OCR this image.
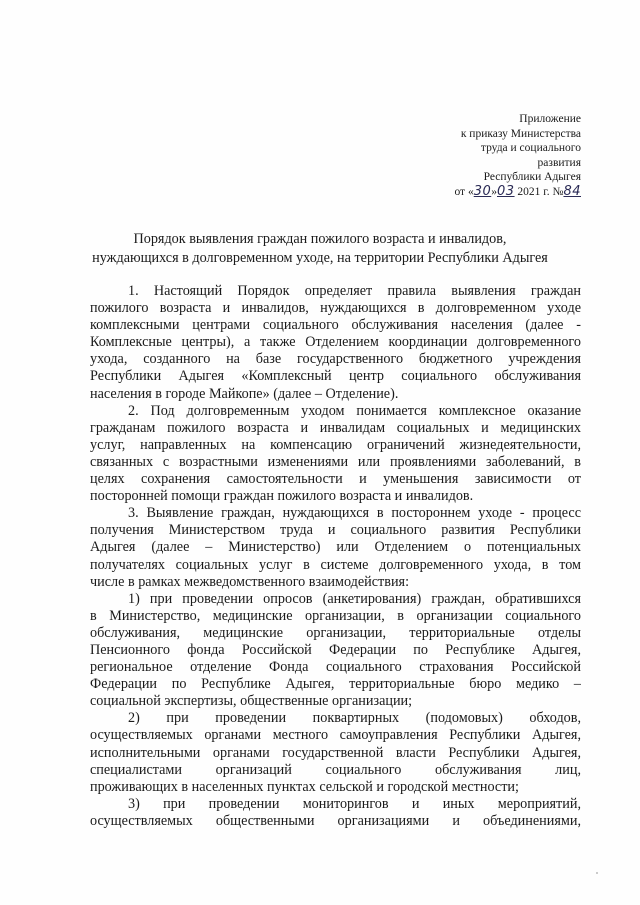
Приложение
к приказу Министерства
труда и социального
развития
Республики Адыгея
от «30»03 2021 г. №84
Порядок выявления граждан пожилого возраста и инвалидов,
нуждающихся в долговременном уходе, на территории Республики Адыгея
1. Настоящий Порядок определяет правила выявления граждан
пожилого возраста и инвалидов, нуждающихся в долговременном уходе
комплексными центрами социального обслуживания населения (далее -
Комплексные центры), а также Отделением координации долговременного
ухода, созданного на базе государственного бюджетного учреждения
Республики Адыгея «Комплексный центр социального обслуживания
населения в городе Майкопе» (далее – Отделение).
2. Под долговременным уходом понимается комплексное оказание
гражданам пожилого возраста и инвалидам социальных и медицинских
услуг, направленных на компенсацию ограничений жизнедеятельности,
связанных с возрастными изменениями или проявлениями заболеваний, в
целях сохранения самостоятельности и уменьшения зависимости от
посторонней помощи граждан пожилого возраста и инвалидов.
3. Выявление граждан, нуждающихся в постороннем уходе - процесс
получения Министерством труда и социального развития Республики
Адыгея (далее – Министерство) или Отделением о потенциальных
получателях социальных услуг в системе долговременного ухода, в том
числе в рамках межведомственного взаимодействия:
1) при проведении опросов (анкетирования) граждан, обратившихся
в Министерство, медицинские организации, в организации социального
обслуживания, медицинские организации, территориальные отделы
Пенсионного фонда Российской Федерации по Республике Адыгея,
региональное отделение Фонда социального страхования Российской
Федерации по Республике Адыгея, территориальные бюро медико –
социальной экспертизы, общественные организации;
2) при проведении поквартирных (подомовых) обходов,
осуществляемых органами местного самоуправления Республики Адыгея,
исполнительными органами государственной власти Республики Адыгея,
специалистами организаций социального обслуживания лиц,
проживающих в населенных пунктах сельской и городской местности;
3) при проведении мониторингов и иных мероприятий,
осуществляемых общественными организациями и объединениями,
